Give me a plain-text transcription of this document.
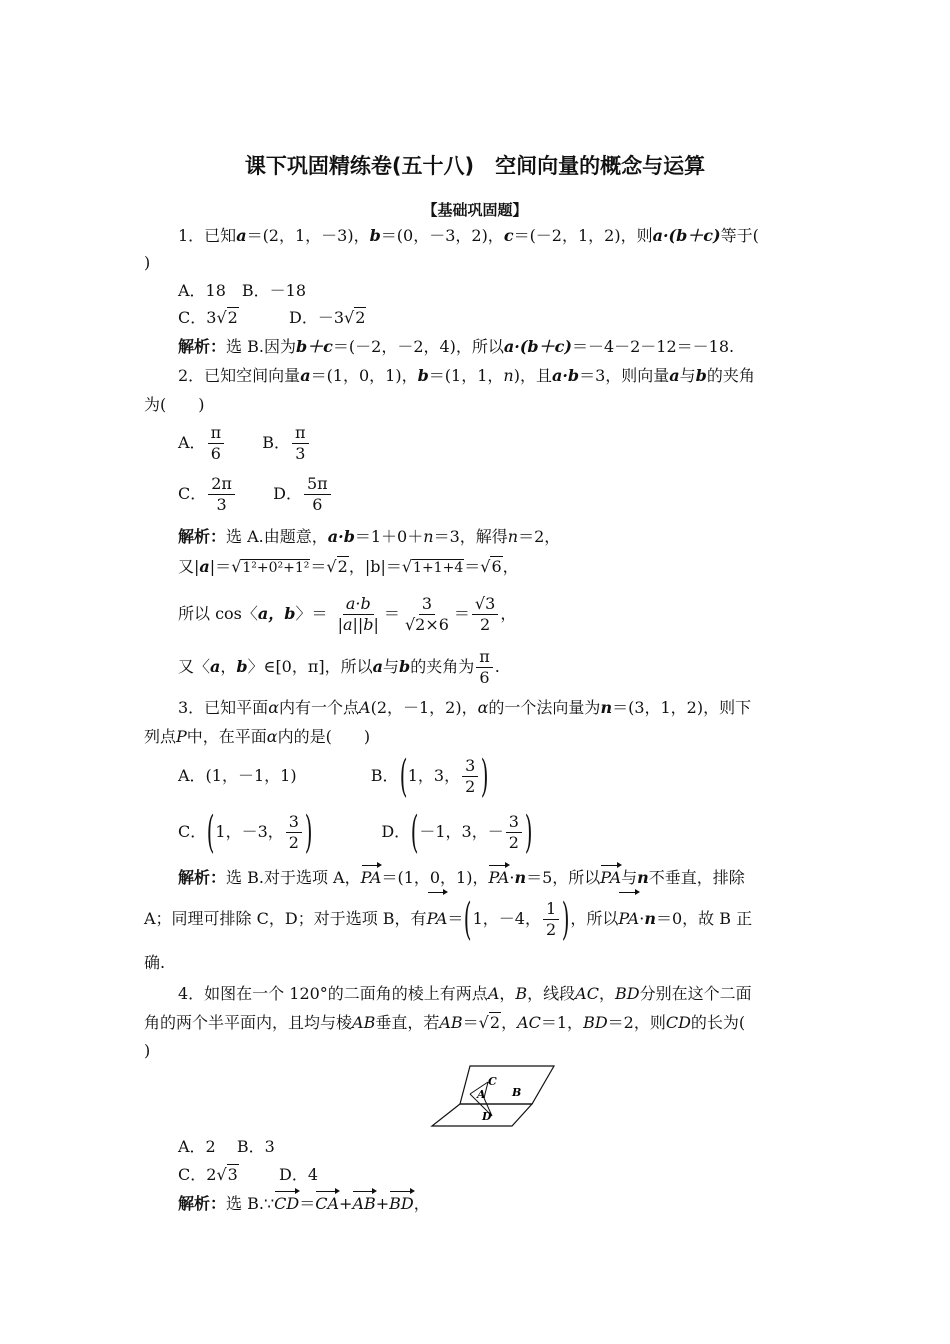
课下巩固精练卷(五十八)　空间向量的概念与运算
【基础巩固题】
1．已知a＝(2，1，－3)，b＝(0，－3，2)，c＝(－2，1，2)，则a·(b＋c)等于(
)
A．18　B．－18
C．3√2	D．－3√2
解析：选 B.因为b＋c＝(－2，－2，4)，所以a·(b＋c)＝－4－2－12＝－18.
2．已知空间向量a＝(1，0，1)，b＝(1，1，n)，且a·b＝3，则向量a与b的夹角
为(　　)
A． $\frac{\pi}{6}$ B． $\frac{\pi}{3}$
C． $\frac{2\pi}{3}$ D． $\frac{5\pi}{6}$
解析：选 A.由题意，a·b＝1＋0＋n＝3，解得n＝2，
又|a|＝√1²+0²+1²＝√2，|b|＝√1+1+4＝√6，
所以 cos〈a，b〉＝ $\frac{a\cdot b}{|a||b|} = \frac{3}{√2\times 6} = \frac{√3}{2}$ ，
又〈a，b〉∈[0，π]，所以a与b的夹角为 $\frac{\pi}{6}$ .
3．已知平面α内有一个点A(2，－1，2)，α的一个法向量为n＝(3，1，2)，则下
列点P中，在平面α内的是(　　)
A．(1，－1，1)	B．(1，3， $\frac{3}{2}$ )
C．(1，－3， $\frac{3}{2}$ )	D．(－1，3，－ $\frac{3}{2}$ )
解析：选 B.对于选项 A，PA＝(1，0，1)，PA·n＝5，所以PA与n不垂直，排除
A；同理可排除 C，D；对于选项 B，有PA＝(1，－4， $\frac{1}{2}$ )，所以PA·n＝0，故 B 正
确.
4．如图在一个 120°的二面角的棱上有两点A，B，线段AC，BD分别在这个二面
角的两个半平面内，且均与棱AB垂直，若AB＝√2，AC＝1，BD＝2，则CD的长为(
)
C
A B
D
A．2　 B．3
C．2√3	D．4
解析：选 B.∵CD＝CA+AB+BD，
